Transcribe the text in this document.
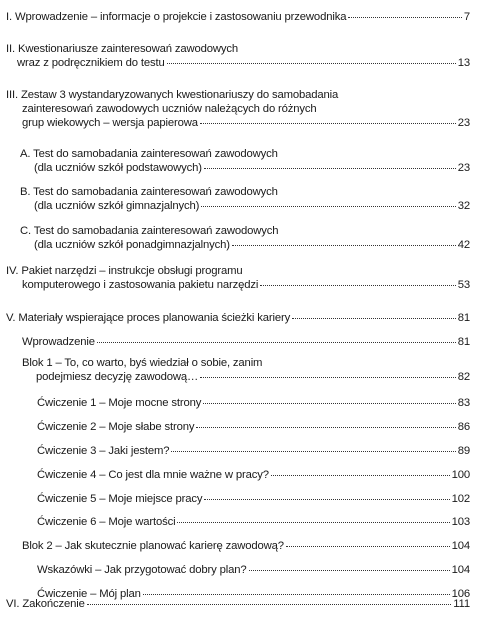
I. Wprowadzenie – informacje o projekcie i zastosowaniu przewodnika	7
II. Kwestionariusze zainteresowań zawodowych
wraz z podręcznikiem do testu	13
III. Zestaw 3 wystandaryzowanych kwestionariuszy do samobadania
zainteresowań zawodowych uczniów należących do różnych
grup wiekowych – wersja papierowa	23
A. Test do samobadania zainteresowań zawodowych
(dla uczniów szkół podstawowych)	23
B. Test do samobadania zainteresowań zawodowych
(dla uczniów szkół gimnazjalnych)	32
C. Test do samobadania zainteresowań zawodowych
(dla uczniów szkół ponadgimnazjalnych)	42
IV. Pakiet narzędzi – instrukcje obsługi programu
komputerowego i zastosowania pakietu narzędzi	53
V. Materiały wspierające proces planowania ścieżki kariery	81
Wprowadzenie	81
Blok 1 – To, co warto, byś wiedział o sobie, zanim
podejmiesz decyzję zawodową…	82
Ćwiczenie 1 – Moje mocne strony	83
Ćwiczenie 2 – Moje słabe strony	86
Ćwiczenie 3 – Jaki jestem?	89
Ćwiczenie 4 – Co jest dla mnie ważne w pracy?	100
Ćwiczenie 5 – Moje miejsce pracy	102
Ćwiczenie 6 – Moje wartości	103
Blok 2 – Jak skutecznie planować karierę zawodową?	104
Wskazówki – Jak przygotować dobry plan?	104
Ćwiczenie – Mój plan	106
VI. Zakończenie	111
